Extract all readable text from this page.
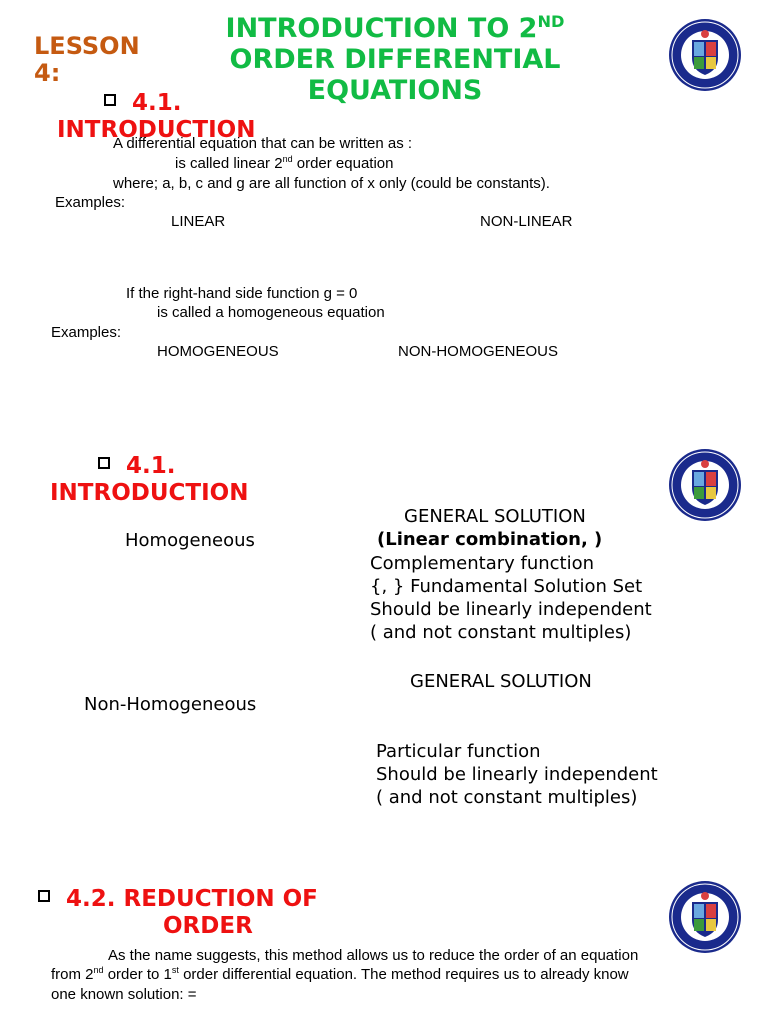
LESSON 4:
INTRODUCTION TO 2ND
ORDER DIFFERENTIAL
EQUATIONS
4.1.
INTRODUCTION
A differential equation that can be written as :
is called linear 2nd order equation
where; a, b, c and g are all function of x only (could be constants).
Examples:
LINEAR	NON-LINEAR
If the right-hand side function g = 0
is called a homogeneous equation
Examples:
HOMOGENEOUS	NON-HOMOGENEOUS
4.1.
INTRODUCTION
GENERAL SOLUTION
(Linear combination, )
Homogeneous
Complementary function
{, } Fundamental Solution Set
Should be linearly independent
( and not constant multiples)
GENERAL SOLUTION
Non-Homogeneous
Particular function
Should be linearly independent
( and not constant multiples)
4.2. REDUCTION OF
ORDER
As the name suggests, this method allows us to reduce the order of an equation
from 2nd order to 1st order differential equation. The method requires us to already know
one known solution: =
